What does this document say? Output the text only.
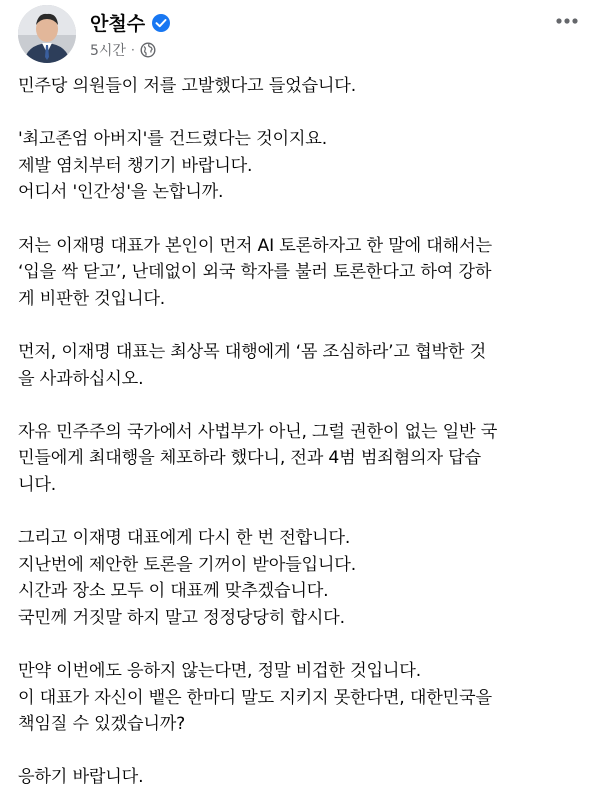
안철수
5시간 ·

민주당 의원들이 저를 고발했다고 들었습니다.

'최고존엄 아버지'를 건드렸다는 것이지요.
제발 염치부터 챙기기 바랍니다.
어디서 '인간성'을 논합니까.

저는 이재명 대표가 본인이 먼저 AI 토론하자고 한 말에 대해서는
‘입을 싹 닫고’, 난데없이 외국 학자를 불러 토론한다고 하여 강하
게 비판한 것입니다.

먼저, 이재명 대표는 최상목 대행에게 ‘몸 조심하라’고 협박한 것
을 사과하십시오.

자유 민주주의 국가에서 사법부가 아닌, 그럴 권한이 없는 일반 국
민들에게 최대행을 체포하라 했다니, 전과 4범 범죄혐의자 답습
니다.

그리고 이재명 대표에게 다시 한 번 전합니다.
지난번에 제안한 토론을 기꺼이 받아들입니다.
시간과 장소 모두 이 대표께 맞추겠습니다.
국민께 거짓말 하지 말고 정정당당히 합시다.

만약 이번에도 응하지 않는다면, 정말 비겁한 것입니다.
이 대표가 자신이 뱉은 한마디 말도 지키지 못한다면, 대한민국을
책임질 수 있겠습니까?

응하기 바랍니다.
